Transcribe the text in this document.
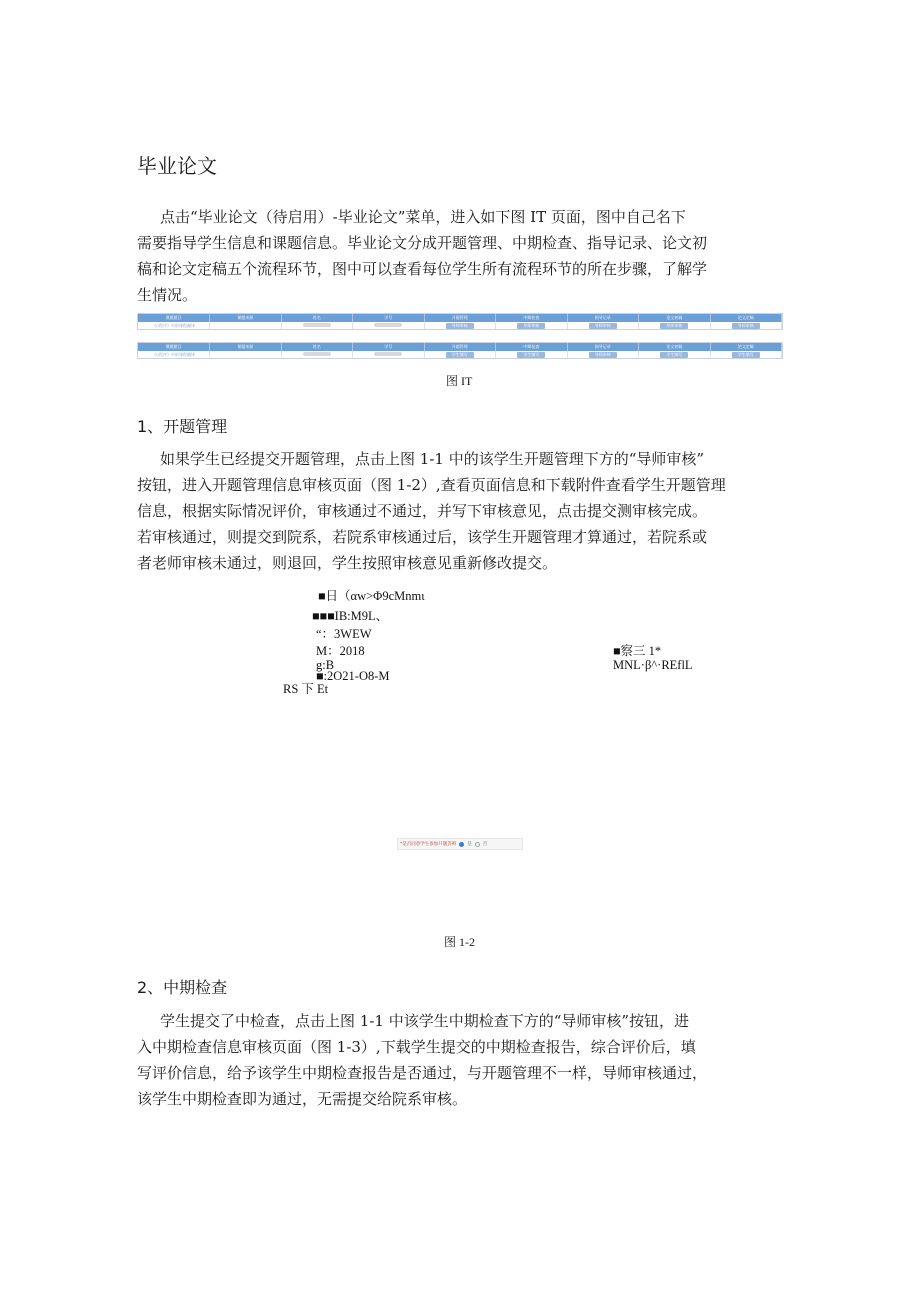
毕业论文
点击“毕业论文（待启用）-毕业论文”菜单，进入如下图 IT 页面，图中自己名下
需要指导学生信息和课题信息。毕业论文分成开题管理、中期检查、指导记录、论文初
稿和论文定稿五个流程环节，图中可以查看每位学生所有流程环节的所在步骤，了解学
生情况。
课题题目	课题来源	姓名	学号	开题管理	中期检查	指导记录	论文初稿	论文定稿
《C程序》中阶课程翻译				导师审核	导师审核	导师审核	导师审核	导师审核
课题题目	课题来源	姓名	学号	开题管理	中期检查	指导记录	论文初稿	论文定稿
《C程序》中阶课程翻译				学生填写	学生填写	导师审核	学生填写	学生填写
图 IT
1、开题管理
如果学生已经提交开题管理，点击上图 1-1 中的该学生开题管理下方的“导师审核”
按钮，进入开题管理信息审核页面（图 1-2）,查看页面信息和下载附件查看学生开题管理
信息，根据实际情况评价，审核通过不通过，并写下审核意见，点击提交测审核完成。
若审核通过，则提交到院系，若院系审核通过后，该学生开题管理才算通过，若院系或
者老师审核未通过，则退回，学生按照审核意见重新修改提交。
■日（αw>Φ9cMnmι
■■■IB:M9L、
“：3WEW
M：2018
g:B
■:2O21-O8-M
RS 下 Et
■察三 1*
MNL·β^·REflL
*是否同意学生参加开题答辩 是 否
图 1-2
2、中期检查
学生提交了中检查，点击上图 1-1 中该学生中期检查下方的“导师审核”按钮，进
入中期检查信息审核页面（图 1-3）,下载学生提交的中期检查报告，综合评价后，填
写评价信息，给予该学生中期检查报告是否通过，与开题管理不一样，导师审核通过，
该学生中期检查即为通过，无需提交给院系审核。
